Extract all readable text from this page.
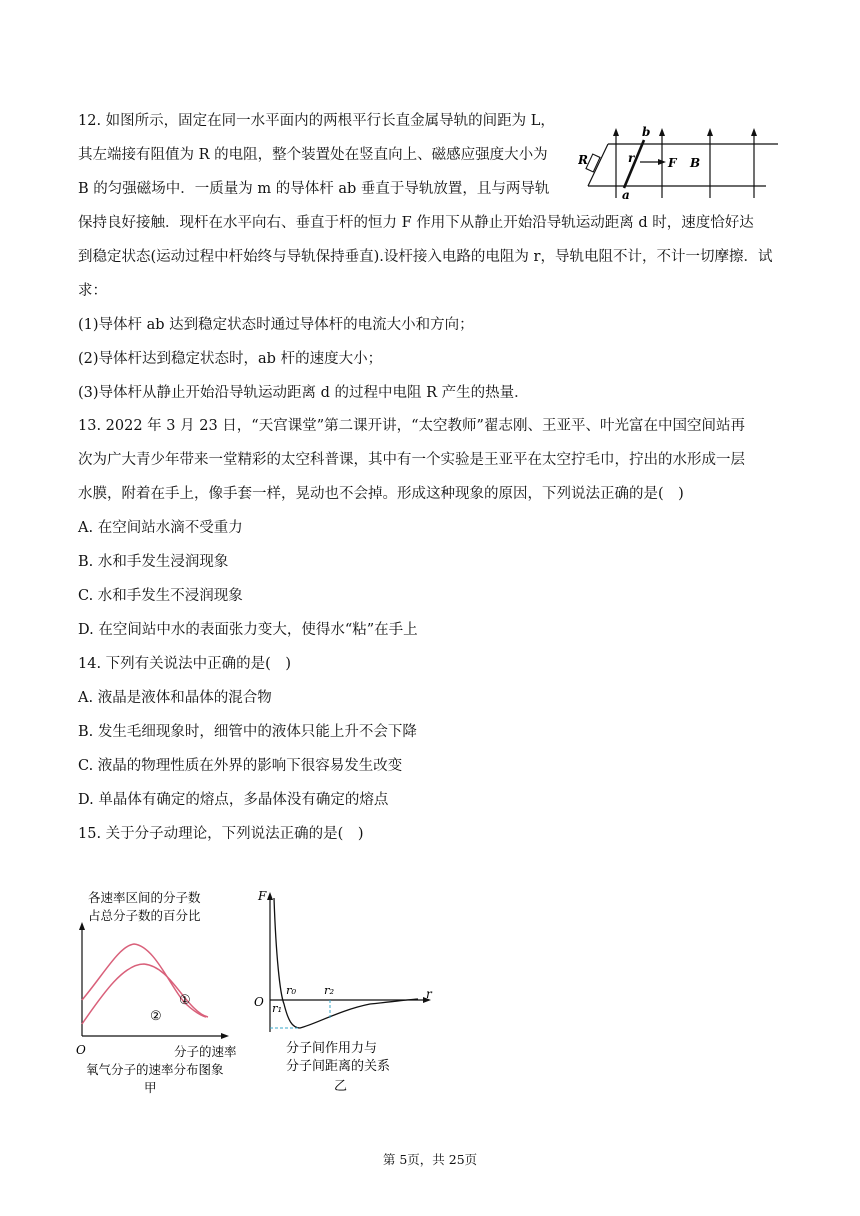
12. 如图所示，固定在同一水平面内的两根平行长直金属导轨的间距为 L，
其左端接有阻值为 R 的电阻，整个装置处在竖直向上、磁感应强度大小为
B 的匀强磁场中．一质量为 m 的导体杆 ab 垂直于导轨放置，且与两导轨
保持良好接触．现杆在水平向右、垂直于杆的恒力 F 作用下从静止开始沿导轨运动距离 d 时，速度恰好达
到稳定状态(运动过程中杆始终与导轨保持垂直).设杆接入电路的电阻为 r，导轨电阻不计，不计一切摩擦．试
求：
(1)导体杆 ab 达到稳定状态时通过导体杆的电流大小和方向；
(2)导体杆达到稳定状态时，ab 杆的速度大小；
(3)导体杆从静止开始沿导轨运动距离 d 的过程中电阻 R 产生的热量．
R
b
a
r	F B
13. 2022 年 3 月 23 日，“天宫课堂”第二课开讲，“太空教师”翟志刚、王亚平、叶光富在中国空间站再
次为广大青少年带来一堂精彩的太空科普课，其中有一个实验是王亚平在太空拧毛巾，拧出的水形成一层
水膜，附着在手上，像手套一样，晃动也不会掉。形成这种现象的原因，下列说法正确的是(　)
A. 在空间站水滴不受重力
B. 水和手发生浸润现象
C. 水和手发生不浸润现象
D. 在空间站中水的表面张力变大，使得水“粘”在手上
14. 下列有关说法中正确的是(　)
A. 液晶是液体和晶体的混合物
B. 发生毛细现象时，细管中的液体只能上升不会下降
C. 液晶的物理性质在外界的影响下很容易发生改变
D. 单晶体有确定的熔点，多晶体没有确定的熔点
15. 关于分子动理论，下列说法正确的是(　)
各速率区间的分子数
占总分子数的百分比
①
②
O	分子的速率
氧气分子的速率分布图象
甲
F
r
O
r₀
r₁
r₂
分子间作用力与
分子间距离的关系
乙
第 5页，共 25页
